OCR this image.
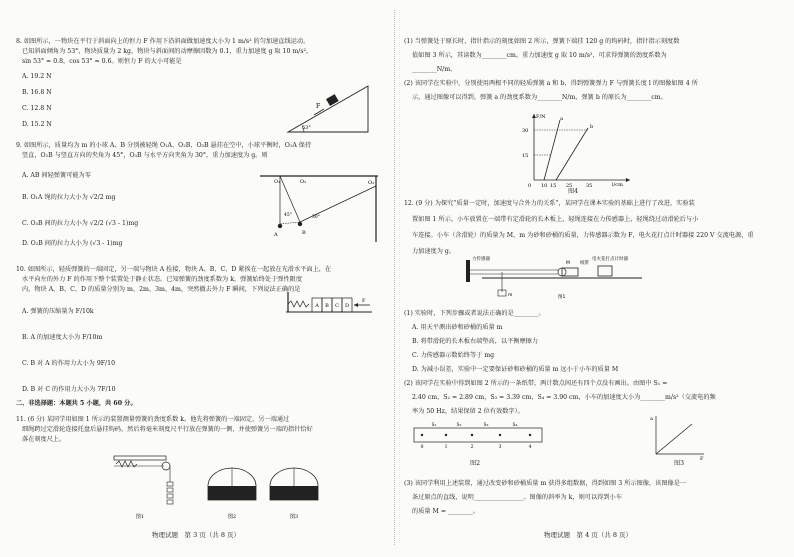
8. 如图所示，一物块在平行于斜面向上的恒力 F 作用下沿斜面做加速度大小为 1 m/s² 的匀加速直线运动。
已知斜面倾角为 53°，物块质量为 2 kg，物块与斜面间的动摩擦因数为 0.1，重力加速度 g 取 10 m/s²，
sin 53° = 0.8，cos 53° = 0.6。则恒力 F 的大小可能是
A. 19.2 N
B. 16.8 N
C. 12.8 N
D. 15.2 N
F
53°
9. 如图所示，质量均为 m 的小球 A、B 分别被轻绳 O₁A、O₂B、O₃B 悬挂在空中，小球平衡时，O₁A 保持
竖直，O₂B 与竖直方向的夹角为 45°，O₃B 与水平方向夹角为 30°，重力加速度为 g。则
A. AB 间轻弹簧可能为零
B. O₁A 绳的拉力大小为 √2/2 mg
C. O₃B 间的拉力大小为 √2/2 (√3 - 1)mg
D. O₂B 间的拉力大小为 (√3 - 1)mg
O₁	O₂	O₃
A	B
45°	30°
10. 如图所示，轻质弹簧的一端固定，另一端与物块 A 拴接，物块 A、B、C、D 紧挨在一起放在光滑水平面上，在
水平向左的外力 F 的作用下整个装置处于静止状态。已知弹簧的劲度系数为 k，弹簧始终处于弹性限度
内，物块 A、B、C、D 的质量分别为 m、2m、3m、4m，突然撤去外力 F 瞬间，下列说法正确的是
A. 弹簧的压缩量为 F/10k
B. A 的加速度大小为 F/10m
C. B 对 A 的作用力大小为 9F/10
D. B 对 C 的作用力大小为 7F/10
A B C D
F
二、非选择题：本题共 5 小题，共 60 分。
11. (6 分) 某同学用如图 1 所示的装置测量弹簧的劲度系数 k。他先将弹簧的一端固定，另一端通过
细绳跨过定滑轮连接托盘后悬挂钩码，然后将毫米刻度尺平行放在弹簧的一侧，并使弹簧另一端的指针恰好
落在刻度尺上。
图1	图2	图3
物理试题　第 3 页（共 8 页）
(1) 当弹簧处于原长时，指针指示的刻度如图 2 所示，弹簧下端挂 120 g 的钩码时，指针指示刻度数
值如图 3 所示，其读数为________cm，重力加速度 g 取 10 m/s²，可求得弹簧的劲度系数为
________N/m。
(2) 该同学在实验中，分别使用两根不同的轻质弹簧 a 和 b，得到弹簧弹力 F 与弹簧长度 l 的图像如图 4 所
示，通过图像可以得到，弹簧 a 的劲度系数为________N/m，弹簧 b 的原长为________cm。
F/N
l/cm
30
15
0 10 15 25	35
a
b
图4
12. (9 分) 为探究“质量一定时，加速度与合外力的关系”，某同学在课本实验的基础上进行了改进，实验装
置如图 1 所示。小车放置在一端带有定滑轮的长木板上，轻绳连接在力传感器上，轻绳绕过动滑轮后与小
车连接。小车（含滑轮）的质量为 M，m 为砂和砂桶的质量，力传感器示数为 F，电火花打点计时器接 220 V 交流电源，重
力加速度为 g。
力传感器
M 纸带
电火花打点计时器
m	图1
(1) 实验时，下列步骤或者说法正确的是________。
A. 用天平测出砂和砂桶的质量 m
B. 将带滑轮的长木板右端垫高，以平衡摩擦力
C. 力传感器示数始终等于 mg
D. 为减小误差，实验中一定要保证砂和砂桶的质量 m 远小于小车的质量 M
(2) 该同学在实验中得到如图 2 所示的一条纸带，两计数点间还有四个点没有画出。由图中 S₁ =
2.40 cm，S₂ = 2.89 cm，S₃ = 3.39 cm，S₄ = 3.90 cm，小车的加速度大小为________m/s²（交流电的频
率为 50 Hz，结果保留 2 位有效数字）。
S₁	S₂	S₃	S₄
0	1	2	3	4
图2
a
F
图3
(3) 该同学利用上述装置，通过改变砂和砂桶质量 m 获得多组数据，得到如图 3 所示图像，该图像是一
条过原点的直线，说明________________。图像的斜率为 k，则可以得到小车
的质量 M = ________。
物理试题　第 4 页（共 8 页）
